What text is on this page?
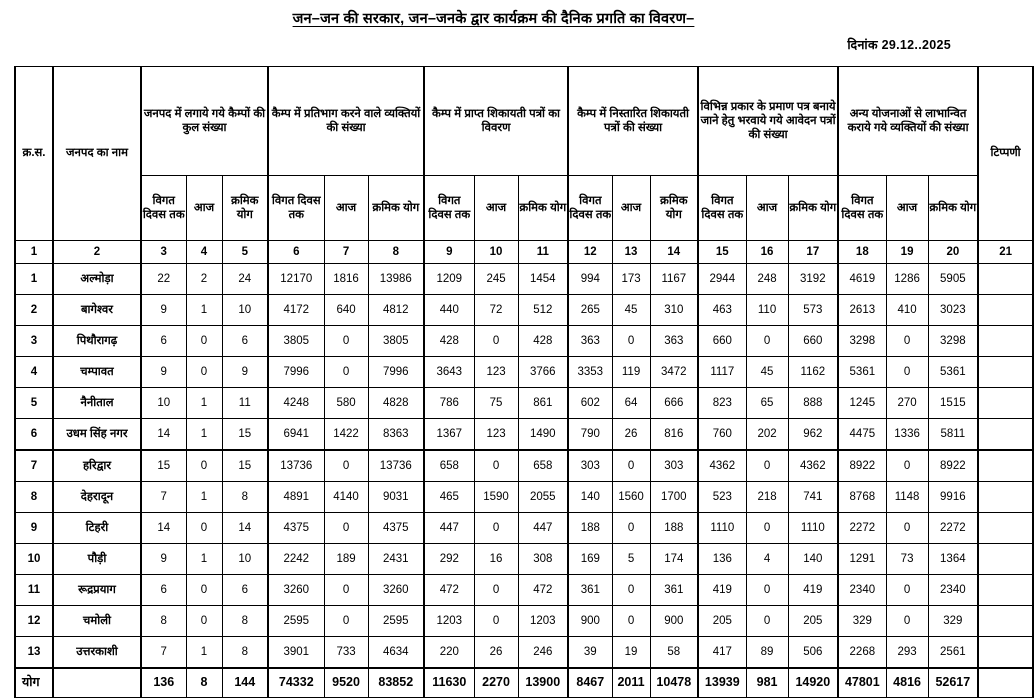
जन–जन की सरकार, जन–जनके द्वार कार्यक्रम की दैनिक प्रगति का विवरण–
दिनांक 29.12..2025
क्र.स.	जनपद का नाम	जनपद में लगाये गये कैम्पों की कुल संख्या			कैम्प में प्रतिभाग करने वाले व्यक्तियों की संख्या			कैम्प में प्राप्त शिकायती पत्रों का विवरण			कैम्प में निस्तारित शिकायती पत्रों की संख्या			विभिन्न प्रकार के प्रमाण पत्र बनाये जाने हेतु भरवाये गये आवेदन पत्रों की संख्या			अन्य योजनाओं से लाभान्वित कराये गये व्यक्तियों की संख्या			टिप्पणी
		विगत दिवस तक	आज	क्रमिक योग	विगत दिवस तक	आज	क्रमिक योग	विगत दिवस तक	आज	क्रमिक योग	विगत दिवस तक	आज	क्रमिक योग	विगत दिवस तक	आज	क्रमिक योग	विगत दिवस तक	आज	क्रमिक योग	
1	2	3	4	5	6	7	8	9	10	11	12	13	14	15	16	17	18	19	20	21
1	अल्मोड़ा	22	2	24	12170	1816	13986	1209	245	1454	994	173	1167	2944	248	3192	4619	1286	5905	
2	बागेश्वर	9	1	10	4172	640	4812	440	72	512	265	45	310	463	110	573	2613	410	3023	
3	पिथौरागढ़	6	0	6	3805	0	3805	428	0	428	363	0	363	660	0	660	3298	0	3298	
4	चम्पावत	9	0	9	7996	0	7996	3643	123	3766	3353	119	3472	1117	45	1162	5361	0	5361	
5	नैनीताल	10	1	11	4248	580	4828	786	75	861	602	64	666	823	65	888	1245	270	1515	
6	उधम सिंह नगर	14	1	15	6941	1422	8363	1367	123	1490	790	26	816	760	202	962	4475	1336	5811	
7	हरिद्वार	15	0	15	13736	0	13736	658	0	658	303	0	303	4362	0	4362	8922	0	8922	
8	देहरादून	7	1	8	4891	4140	9031	465	1590	2055	140	1560	1700	523	218	741	8768	1148	9916	
9	टिहरी	14	0	14	4375	0	4375	447	0	447	188	0	188	1110	0	1110	2272	0	2272	
10	पौड़ी	9	1	10	2242	189	2431	292	16	308	169	5	174	136	4	140	1291	73	1364	
11	रूद्रप्रयाग	6	0	6	3260	0	3260	472	0	472	361	0	361	419	0	419	2340	0	2340	
12	चमोली	8	0	8	2595	0	2595	1203	0	1203	900	0	900	205	0	205	329	0	329	
13	उत्तरकाशी	7	1	8	3901	733	4634	220	26	246	39	19	58	417	89	506	2268	293	2561	
योग		136	8	144	74332	9520	83852	11630	2270	13900	8467	2011	10478	13939	981	14920	47801	4816	52617	
